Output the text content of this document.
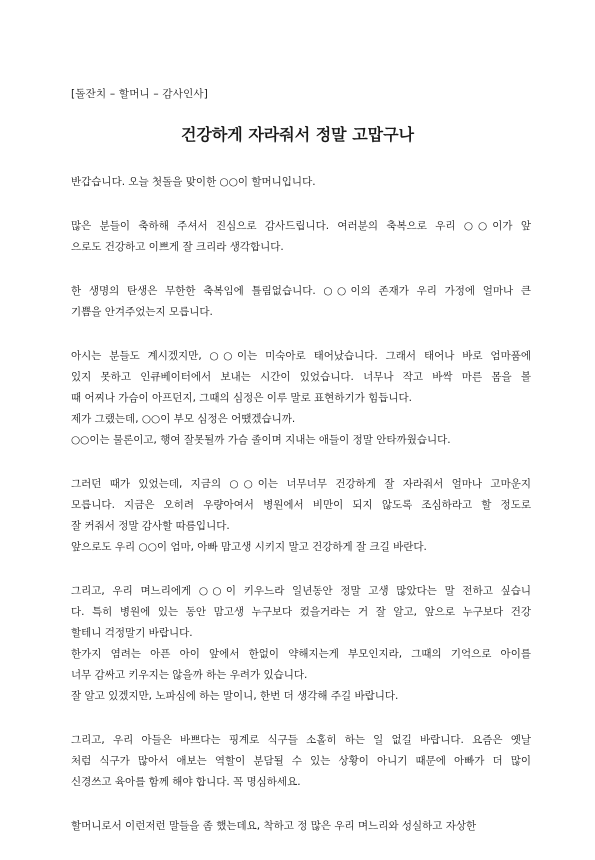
[돌잔치 – 할머니 – 감사인사]
건강하게 자라줘서 정말 고맙구나
반갑습니다. 오늘 첫돌을 맞이한 ○○이 할머니입니다.
많은 분들이 축하해 주셔서 진심으로 감사드립니다. 여러분의 축복으로 우리 ○○이가 앞
으로도 건강하고 이쁘게 잘 크리라 생각합니다.
한 생명의 탄생은 무한한 축복임에 틀림없습니다. ○○이의 존재가 우리 가정에 얼마나 큰
기쁨을 안겨주었는지 모릅니다.
아시는 분들도 계시겠지만, ○○이는 미숙아로 태어났습니다. 그래서 태어나 바로 엄마품에
있지 못하고 인큐베이터에서 보내는 시간이 있었습니다. 너무나 작고 바싹 마른 몸을 볼
때 어찌나 가슴이 아프던지, 그때의 심정은 이루 말로 표현하기가 힘듭니다.
제가 그랬는데, ○○이 부모 심정은 어땠겠습니까.
○○이는 물론이고, 행여 잘못될까 가슴 졸이며 지내는 애들이 정말 안타까웠습니다.
그러던 때가 있었는데, 지금의 ○○이는 너무너무 건강하게 잘 자라줘서 얼마나 고마운지
모릅니다. 지금은 오히려 우량아여서 병원에서 비만이 되지 않도록 조심하라고 할 정도로
잘 커줘서 정말 감사할 따름입니다.
앞으로도 우리 ○○이 엄마, 아빠 맘고생 시키지 말고 건강하게 잘 크길 바란다.
그리고, 우리 며느리에게 ○○이 키우느라 일년동안 정말 고생 많았다는 말 전하고 싶습니
다. 특히 병원에 있는 동안 맘고생 누구보다 컸을거라는 거 잘 알고, 앞으로 누구보다 건강
할테니 걱정말기 바랍니다.
한가지 염려는 아픈 아이 앞에서 한없이 약해지는게 부모인지라, 그때의 기억으로 아이를
너무 감싸고 키우지는 않을까 하는 우려가 있습니다.
잘 알고 있겠지만, 노파심에 하는 말이니, 한번 더 생각해 주길 바랍니다.
그리고, 우리 아들은 바쁘다는 핑계로 식구들 소홀히 하는 일 없길 바랍니다. 요즘은 옛날
처럼 식구가 많아서 애보는 역할이 분담될 수 있는 상황이 아니기 때문에 아빠가 더 많이
신경쓰고 육아를 함께 해야 합니다. 꼭 명심하세요.
할머니로서 이런저런 말들을 좀 했는데요, 착하고 정 많은 우리 며느리와 성실하고 자상한
